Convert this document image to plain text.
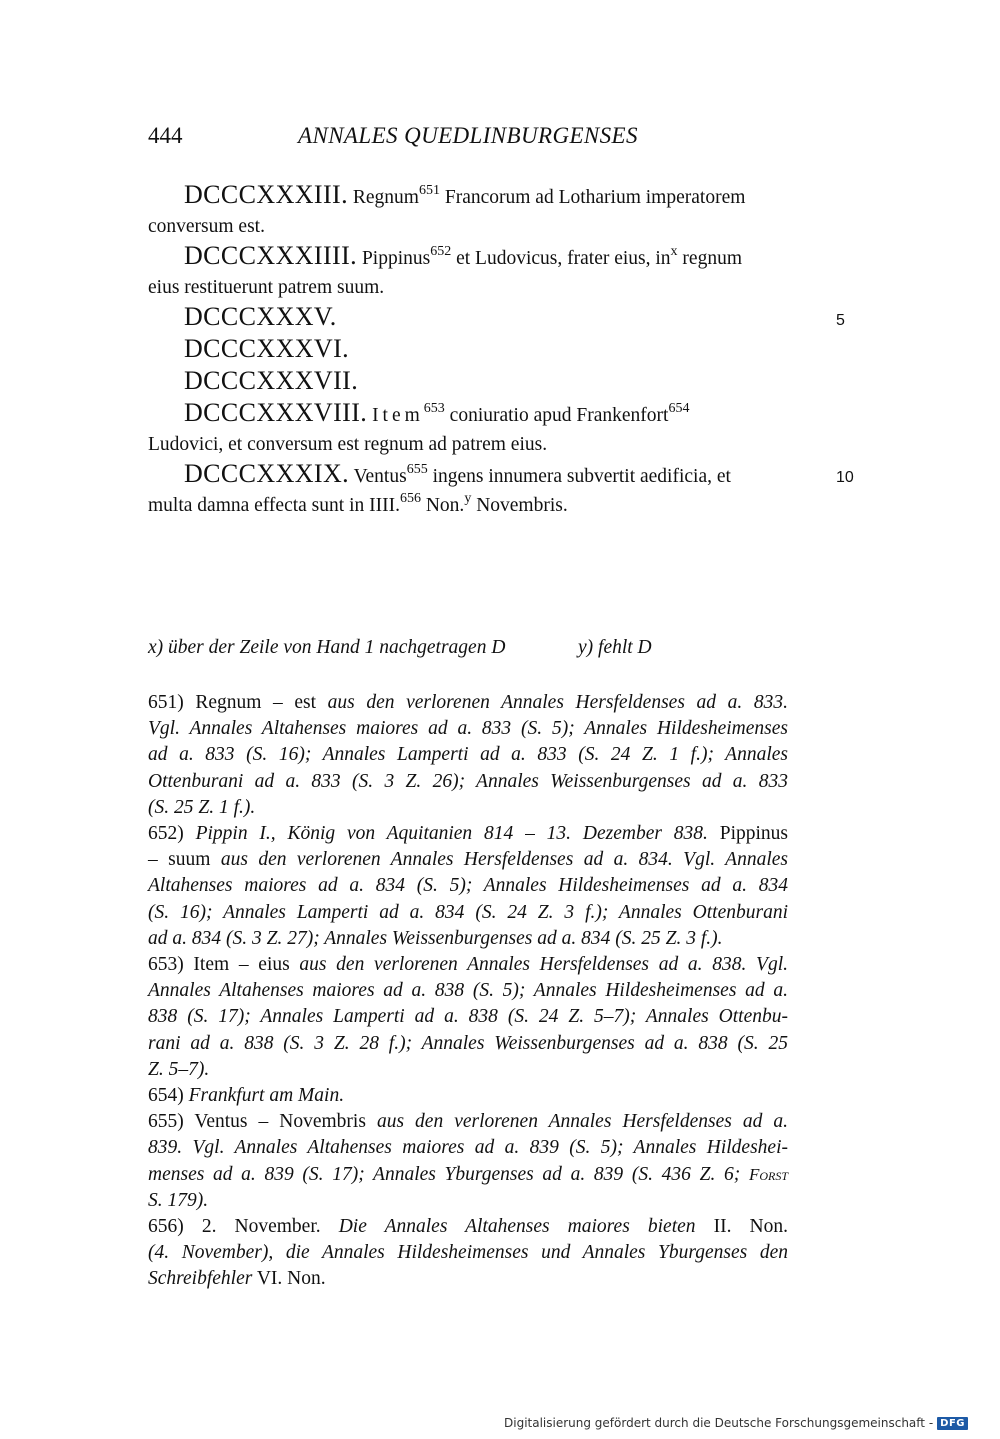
444	ANNALES QUEDLINBURGENSES
DCCCXXXIII. Regnum$^{651}$ Francorum ad Lotharium imperatorem
conversum est.
DCCCXXXIIII. Pippinus$^{652}$ et Ludovicus, frater eius, $in^x$ regnum
eius restituerunt patrem suum.
DCCCXXXV.	5
DCCCXXXVI.
DCCCXXXVII.
DCCCXXXVIII. Item$^{653}$ coniuratio apud Frankenfort$^{654}$
Ludovici, et conversum est regnum ad patrem eius.
DCCCXXXIX. Ventus$^{655}$ ingens innumera subvertit aedificia, et	10
multa damna effecta sunt in IIII.$^{656}$ Non.$^y$ Novembris.
x) über der Zeile von Hand 1 nachgetragen D	y) fehlt D
651) Regnum – est aus den verlorenen Annales Hersfeldenses ad a. 833.
Vgl. Annales Altahenses maiores ad a. 833 (S. 5); Annales Hildesheimenses
ad a. 833 (S. 16); Annales Lamperti ad a. 833 (S. 24 Z. 1 f.); Annales
Ottenburani ad a. 833 (S. 3 Z. 26); Annales Weissenburgenses ad a. 833
(S. 25 Z. 1 f.).
652) Pippin I., König von Aquitanien 814 – 13. Dezember 838. Pippinus
– suum aus den verlorenen Annales Hersfeldenses ad a. 834. Vgl. Annales
Altahenses maiores ad a. 834 (S. 5); Annales Hildesheimenses ad a. 834
(S. 16); Annales Lamperti ad a. 834 (S. 24 Z. 3 f.); Annales Ottenburani
ad a. 834 (S. 3 Z. 27); Annales Weissenburgenses ad a. 834 (S. 25 Z. 3 f.).
653) Item – eius aus den verlorenen Annales Hersfeldenses ad a. 838. Vgl.
Annales Altahenses maiores ad a. 838 (S. 5); Annales Hildesheimenses ad a.
838 (S. 17); Annales Lamperti ad a. 838 (S. 24 Z. 5–7); Annales Ottenbu-
rani ad a. 838 (S. 3 Z. 28 f.); Annales Weissenburgenses ad a. 838 (S. 25
Z. 5–7).
654) Frankfurt am Main.
655) Ventus – Novembris aus den verlorenen Annales Hersfeldenses ad a.
839. Vgl. Annales Altahenses maiores ad a. 839 (S. 5); Annales Hildeshei-
menses ad a. 839 (S. 17); Annales Yburgenses ad a. 839 (S. 436 Z. 6; Forst
S. 179).
656) 2. November. Die Annales Altahenses maiores bieten II. Non.
(4. November), die Annales Hildesheimenses und Annales Yburgenses den
Schreibfehler VI. Non.
Digitalisierung gefördert durch die Deutsche Forschungsgemeinschaft - DFG
